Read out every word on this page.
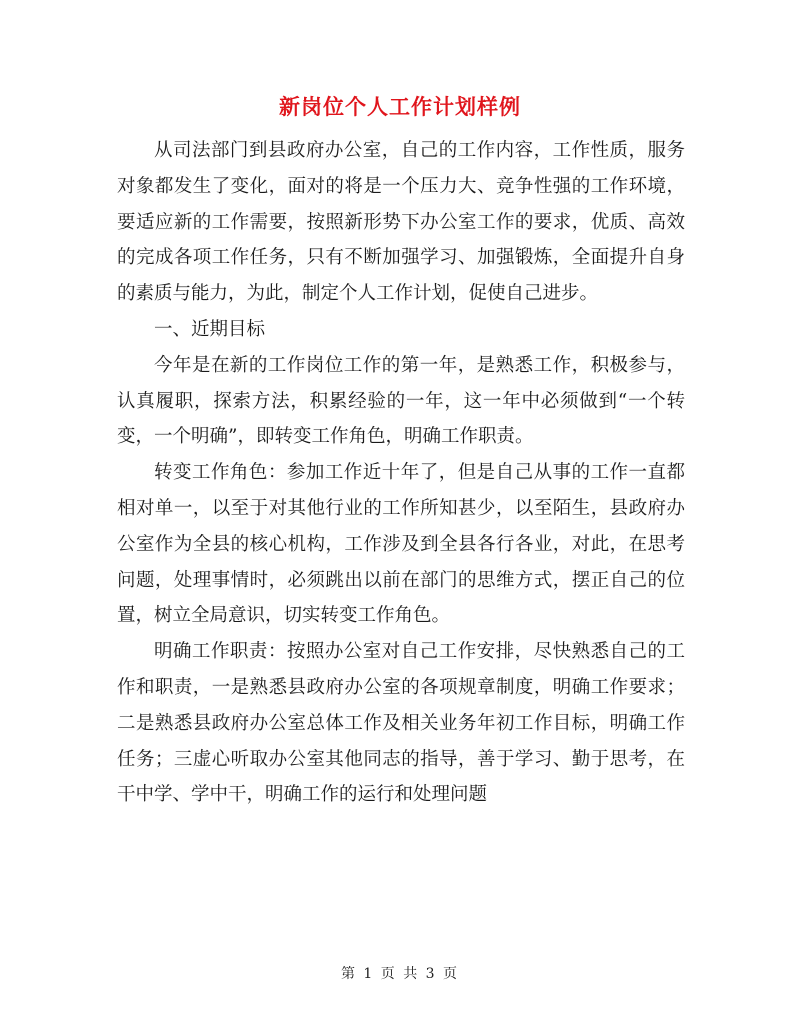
新岗位个人工作计划样例

从司法部门到县政府办公室，自己的工作内容，工作性质，服务对象都发生了变化，面对的将是一个压力大、竞争性强的工作环境，要适应新的工作需要，按照新形势下办公室工作的要求，优质、高效的完成各项工作任务，只有不断加强学习、加强锻炼，全面提升自身的素质与能力，为此，制定个人工作计划，促使自己进步。

一、近期目标

今年是在新的工作岗位工作的第一年，是熟悉工作，积极参与，认真履职，探索方法，积累经验的一年，这一年中必须做到“一个转变，一个明确”，即转变工作角色，明确工作职责。

转变工作角色：参加工作近十年了，但是自己从事的工作一直都相对单一，以至于对其他行业的工作所知甚少，以至陌生，县政府办公室作为全县的核心机构，工作涉及到全县各行各业，对此，在思考问题，处理事情时，必须跳出以前在部门的思维方式，摆正自己的位置，树立全局意识，切实转变工作角色。

明确工作职责：按照办公室对自己工作安排，尽快熟悉自己的工作和职责，一是熟悉县政府办公室的各项规章制度，明确工作要求；二是熟悉县政府办公室总体工作及相关业务年初工作目标，明确工作任务；三虚心听取办公室其他同志的指导，善于学习、勤于思考，在干中学、学中干，明确工作的运行和处理问题

第 1 页 共 3 页
